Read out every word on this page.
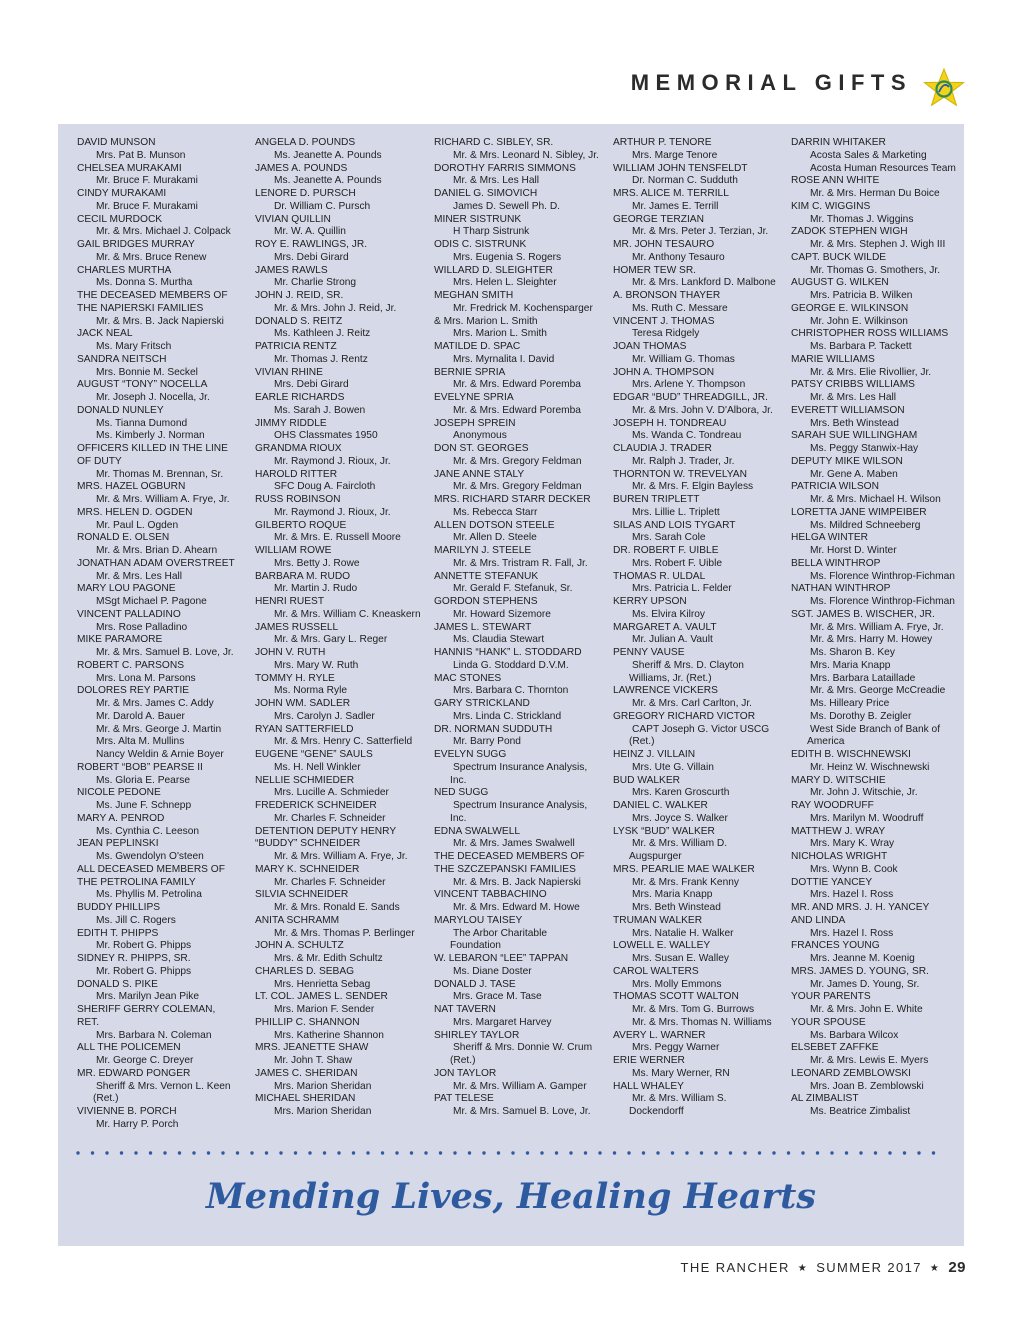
MEMORIAL GIFTS
DAVID MUNSON
Mrs. Pat B. Munson
CHELSEA MURAKAMI
Mr. Bruce F. Murakami
CINDY MURAKAMI
Mr. Bruce F. Murakami
CECIL MURDOCK
Mr. & Mrs. Michael J. Colpack
GAIL BRIDGES MURRAY
Mr. & Mrs. Bruce Renew
CHARLES MURTHA
Ms. Donna S. Murtha
THE DECEASED MEMBERS OF
THE NAPIERSKI FAMILIES
Mr. & Mrs. B. Jack Napierski
JACK NEAL
Ms. Mary Fritsch
SANDRA NEITSCH
Mrs. Bonnie M. Seckel
AUGUST “TONY” NOCELLA
Mr. Joseph J. Nocella, Jr.
DONALD NUNLEY
Ms. Tianna Dumond
Ms. Kimberly J. Norman
OFFICERS KILLED IN THE LINE
OF DUTY
Mr. Thomas M. Brennan, Sr.
MRS. HAZEL OGBURN
Mr. & Mrs. William A. Frye, Jr.
MRS. HELEN D. OGDEN
Mr. Paul L. Ogden
RONALD E. OLSEN
Mr. & Mrs. Brian D. Ahearn
JONATHAN ADAM OVERSTREET
Mr. & Mrs. Les Hall
MARY LOU PAGONE
MSgt Michael P. Pagone
VINCENT PALLADINO
Mrs. Rose Palladino
MIKE PARAMORE
Mr. & Mrs. Samuel B. Love, Jr.
ROBERT C. PARSONS
Mrs. Lona M. Parsons
DOLORES REY PARTIE
Mr. & Mrs. James C. Addy
Mr. Darold A. Bauer
Mr. & Mrs. George J. Martin
Mrs. Alta M. Mullins
Nancy Weldin & Arnie Boyer
ROBERT “BOB” PEARSE II
Ms. Gloria E. Pearse
NICOLE PEDONE
Ms. June F. Schnepp
MARY A. PENROD
Ms. Cynthia C. Leeson
JEAN PEPLINSKI
Ms. Gwendolyn O'steen
ALL DECEASED MEMBERS OF
THE PETROLINA FAMILY
Ms. Phyllis M. Petrolina
BUDDY PHILLIPS
Ms. Jill C. Rogers
EDITH T. PHIPPS
Mr. Robert G. Phipps
SIDNEY R. PHIPPS, SR.
Mr. Robert G. Phipps
DONALD S. PIKE
Mrs. Marilyn Jean Pike
SHERIFF GERRY COLEMAN,
RET.
Mrs. Barbara N. Coleman
ALL THE POLICEMEN
Mr. George C. Dreyer
MR. EDWARD PONGER
Sheriff & Mrs. Vernon L. Keen
(Ret.)
VIVIENNE B. PORCH
Mr. Harry P. Porch
ANGELA D. POUNDS
Ms. Jeanette A. Pounds
JAMES A. POUNDS
Ms. Jeanette A. Pounds
LENORE D. PURSCH
Dr. William C. Pursch
VIVIAN QUILLIN
Mr. W. A. Quillin
ROY E. RAWLINGS, JR.
Mrs. Debi Girard
JAMES RAWLS
Mr. Charlie Strong
JOHN J. REID, SR.
Mr. & Mrs. John J. Reid, Jr.
DONALD S. REITZ
Ms. Kathleen J. Reitz
PATRICIA RENTZ
Mr. Thomas J. Rentz
VIVIAN RHINE
Mrs. Debi Girard
EARLE RICHARDS
Ms. Sarah J. Bowen
JIMMY RIDDLE
OHS Classmates 1950
GRANDMA RIOUX
Mr. Raymond J. Rioux, Jr.
HAROLD RITTER
SFC Doug A. Faircloth
RUSS ROBINSON
Mr. Raymond J. Rioux, Jr.
GILBERTO ROQUE
Mr. & Mrs. E. Russell Moore
WILLIAM ROWE
Mrs. Betty J. Rowe
BARBARA M. RUDO
Mr. Martin J. Rudo
HENRI RUEST
Mr. & Mrs. William C. Kneaskern
JAMES RUSSELL
Mr. & Mrs. Gary L. Reger
JOHN V. RUTH
Mrs. Mary W. Ruth
TOMMY H. RYLE
Ms. Norma Ryle
JOHN WM. SADLER
Mrs. Carolyn J. Sadler
RYAN SATTERFIELD
Mr. & Mrs. Henry C. Satterfield
EUGENE “GENE” SAULS
Ms. H. Nell Winkler
NELLIE SCHMIEDER
Mrs. Lucille A. Schmieder
FREDERICK SCHNEIDER
Mr. Charles F. Schneider
DETENTION DEPUTY HENRY
“BUDDY” SCHNEIDER
Mr. & Mrs. William A. Frye, Jr.
MARY K. SCHNEIDER
Mr. Charles F. Schneider
SILVIA SCHNEIDER
Mr. & Mrs. Ronald E. Sands
ANITA SCHRAMM
Mr. & Mrs. Thomas P. Berlinger
JOHN A. SCHULTZ
Mrs. & Mr. Edith Schultz
CHARLES D. SEBAG
Mrs. Henrietta Sebag
LT. COL. JAMES L. SENDER
Mrs. Marion F. Sender
PHILLIP C. SHANNON
Mrs. Katherine Shannon
MRS. JEANETTE SHAW
Mr. John T. Shaw
JAMES C. SHERIDAN
Mrs. Marion Sheridan
MICHAEL SHERIDAN
Mrs. Marion Sheridan
RICHARD C. SIBLEY, SR.
Mr. & Mrs. Leonard N. Sibley, Jr.
DOROTHY FARRIS SIMMONS
Mr. & Mrs. Les Hall
DANIEL G. SIMOVICH
James D. Sewell Ph. D.
MINER SISTRUNK
H Tharp Sistrunk
ODIS C. SISTRUNK
Mrs. Eugenia S. Rogers
WILLARD D. SLEIGHTER
Mrs. Helen L. Sleighter
MEGHAN SMITH
Mr. Fredrick M. Kochensparger
& Mrs. Marion L. Smith
Mrs. Marion L. Smith
MATILDE D. SPAC
Mrs. Myrnalita I. David
BERNIE SPRIA
Mr. & Mrs. Edward Poremba
EVELYNE SPRIA
Mr. & Mrs. Edward Poremba
JOSEPH SPREIN
Anonymous
DON ST. GEORGES
Mr. & Mrs. Gregory Feldman
JANE ANNE STALY
Mr. & Mrs. Gregory Feldman
MRS. RICHARD STARR DECKER
Ms. Rebecca Starr
ALLEN DOTSON STEELE
Mr. Allen D. Steele
MARILYN J. STEELE
Mr. & Mrs. Tristram R. Fall, Jr.
ANNETTE STEFANUK
Mr. Gerald F. Stefanuk, Sr.
GORDON STEPHENS
Mr. Howard Sizemore
JAMES L. STEWART
Ms. Claudia Stewart
HANNIS “HANK” L. STODDARD
Linda G. Stoddard D.V.M.
MAC STONES
Mrs. Barbara C. Thornton
GARY STRICKLAND
Mrs. Linda C. Strickland
DR. NORMAN SUDDUTH
Mr. Barry Pond
EVELYN SUGG
Spectrum Insurance Analysis,
Inc.
NED SUGG
Spectrum Insurance Analysis,
Inc.
EDNA SWALWELL
Mr. & Mrs. James Swalwell
THE DECEASED MEMBERS OF
THE SZCZEPANSKI FAMILIES
Mr. & Mrs. B. Jack Napierski
VINCENT TABBACHINO
Mr. & Mrs. Edward M. Howe
MARYLOU TAISEY
The Arbor Charitable
Foundation
W. LEBARON “LEE” TAPPAN
Ms. Diane Doster
DONALD J. TASE
Mrs. Grace M. Tase
NAT TAVERN
Mrs. Margaret Harvey
SHIRLEY TAYLOR
Sheriff & Mrs. Donnie W. Crum
(Ret.)
JON TAYLOR
Mr. & Mrs. William A. Gamper
PAT TELESE
Mr. & Mrs. Samuel B. Love, Jr.
ARTHUR P. TENORE
Mrs. Marge Tenore
WILLIAM JOHN TENSFELDT
Dr. Norman C. Sudduth
MRS. ALICE M. TERRILL
Mr. James E. Terrill
GEORGE TERZIAN
Mr. & Mrs. Peter J. Terzian, Jr.
MR. JOHN TESAURO
Mr. Anthony Tesauro
HOMER TEW SR.
Mr. & Mrs. Lankford D. Malbone
A. BRONSON THAYER
Ms. Ruth C. Messare
VINCENT J. THOMAS
Teresa Ridgely
JOAN THOMAS
Mr. William G. Thomas
JOHN A. THOMPSON
Mrs. Arlene Y. Thompson
EDGAR “BUD” THREADGILL, JR.
Mr. & Mrs. John V. D'Albora, Jr.
JOSEPH H. TONDREAU
Ms. Wanda C. Tondreau
CLAUDIA J. TRADER
Mr. Ralph J. Trader, Jr.
THORNTON W. TREVELYAN
Mr. & Mrs. F. Elgin Bayless
BUREN TRIPLETT
Mrs. Lillie L. Triplett
SILAS AND LOIS TYGART
Mrs. Sarah Cole
DR. ROBERT F. UIBLE
Mrs. Robert F. Uible
THOMAS R. ULDAL
Mrs. Patricia L. Felder
KERRY UPSON
Ms. Elvira Kilroy
MARGARET A. VAULT
Mr. Julian A. Vault
PENNY VAUSE
Sheriff & Mrs. D. Clayton
Williams, Jr. (Ret.)
LAWRENCE VICKERS
Mr. & Mrs. Carl Carlton, Jr.
GREGORY RICHARD VICTOR
CAPT Joseph G. Victor USCG
(Ret.)
HEINZ J. VILLAIN
Mrs. Ute G. Villain
BUD WALKER
Mrs. Karen Groscurth
DANIEL C. WALKER
Mrs. Joyce S. Walker
LYSK “BUD” WALKER
Mr. & Mrs. William D.
Augspurger
MRS. PEARLIE MAE WALKER
Mr. & Mrs. Frank Kenny
Mrs. Maria Knapp
Mrs. Beth Winstead
TRUMAN WALKER
Mrs. Natalie H. Walker
LOWELL E. WALLEY
Mrs. Susan E. Walley
CAROL WALTERS
Mrs. Molly Emmons
THOMAS SCOTT WALTON
Mr. & Mrs. Tom G. Burrows
Mr. & Mrs. Thomas N. Williams
AVERY L. WARNER
Mrs. Peggy Warner
ERIE WERNER
Ms. Mary Werner, RN
HALL WHALEY
Mr. & Mrs. William S.
Dockendorff
DARRIN WHITAKER
Acosta Sales & Marketing
Acosta Human Resources Team
ROSE ANN WHITE
Mr. & Mrs. Herman Du Boice
KIM C. WIGGINS
Mr. Thomas J. Wiggins
ZADOK STEPHEN WIGH
Mr. & Mrs. Stephen J. Wigh III
CAPT. BUCK WILDE
Mr. Thomas G. Smothers, Jr.
AUGUST G. WILKEN
Mrs. Patricia B. Wilken
GEORGE E. WILKINSON
Mr. John E. Wilkinson
CHRISTOPHER ROSS WILLIAMS
Ms. Barbara P. Tackett
MARIE WILLIAMS
Mr. & Mrs. Elie Rivollier, Jr.
PATSY CRIBBS WILLIAMS
Mr. & Mrs. Les Hall
EVERETT WILLIAMSON
Mrs. Beth Winstead
SARAH SUE WILLINGHAM
Ms. Peggy Stanwix-Hay
DEPUTY MIKE WILSON
Mr. Gene A. Maben
PATRICIA WILSON
Mr. & Mrs. Michael H. Wilson
LORETTA JANE WIMPEIBER
Ms. Mildred Schneeberg
HELGA WINTER
Mr. Horst D. Winter
BELLA WINTHROP
Ms. Florence Winthrop-Fichman
NATHAN WINTHROP
Ms. Florence Winthrop-Fichman
SGT. JAMES B. WISCHER, JR.
Mr. & Mrs. William A. Frye, Jr.
Mr. & Mrs. Harry M. Howey
Ms. Sharon B. Key
Mrs. Maria Knapp
Mrs. Barbara Lataillade
Mr. & Mrs. George McCreadie
Ms. Hilleary Price
Ms. Dorothy B. Zeigler
West Side Branch of Bank of
America
EDITH B. WISCHNEWSKI
Mr. Heinz W. Wischnewski
MARY D. WITSCHIE
Mr. John J. Witschie, Jr.
RAY WOODRUFF
Mrs. Marilyn M. Woodruff
MATTHEW J. WRAY
Mrs. Mary K. Wray
NICHOLAS WRIGHT
Mrs. Wynn B. Cook
DOTTIE YANCEY
Mrs. Hazel I. Ross
MR. AND MRS. J. H. YANCEY
AND LINDA
Mrs. Hazel I. Ross
FRANCES YOUNG
Mrs. Jeanne M. Koenig
MRS. JAMES D. YOUNG, SR.
Mr. James D. Young, Sr.
YOUR PARENTS
Mr. & Mrs. John E. White
YOUR SPOUSE
Ms. Barbara Wilcox
ELSEBET ZAFFKE
Mr. & Mrs. Lewis E. Myers
LEONARD ZEMBLOWSKI
Mrs. Joan B. Zemblowski
AL ZIMBALIST
Ms. Beatrice Zimbalist
Mending Lives, Healing Hearts
THE RANCHER ★ SUMMER 2017 ★ 29
